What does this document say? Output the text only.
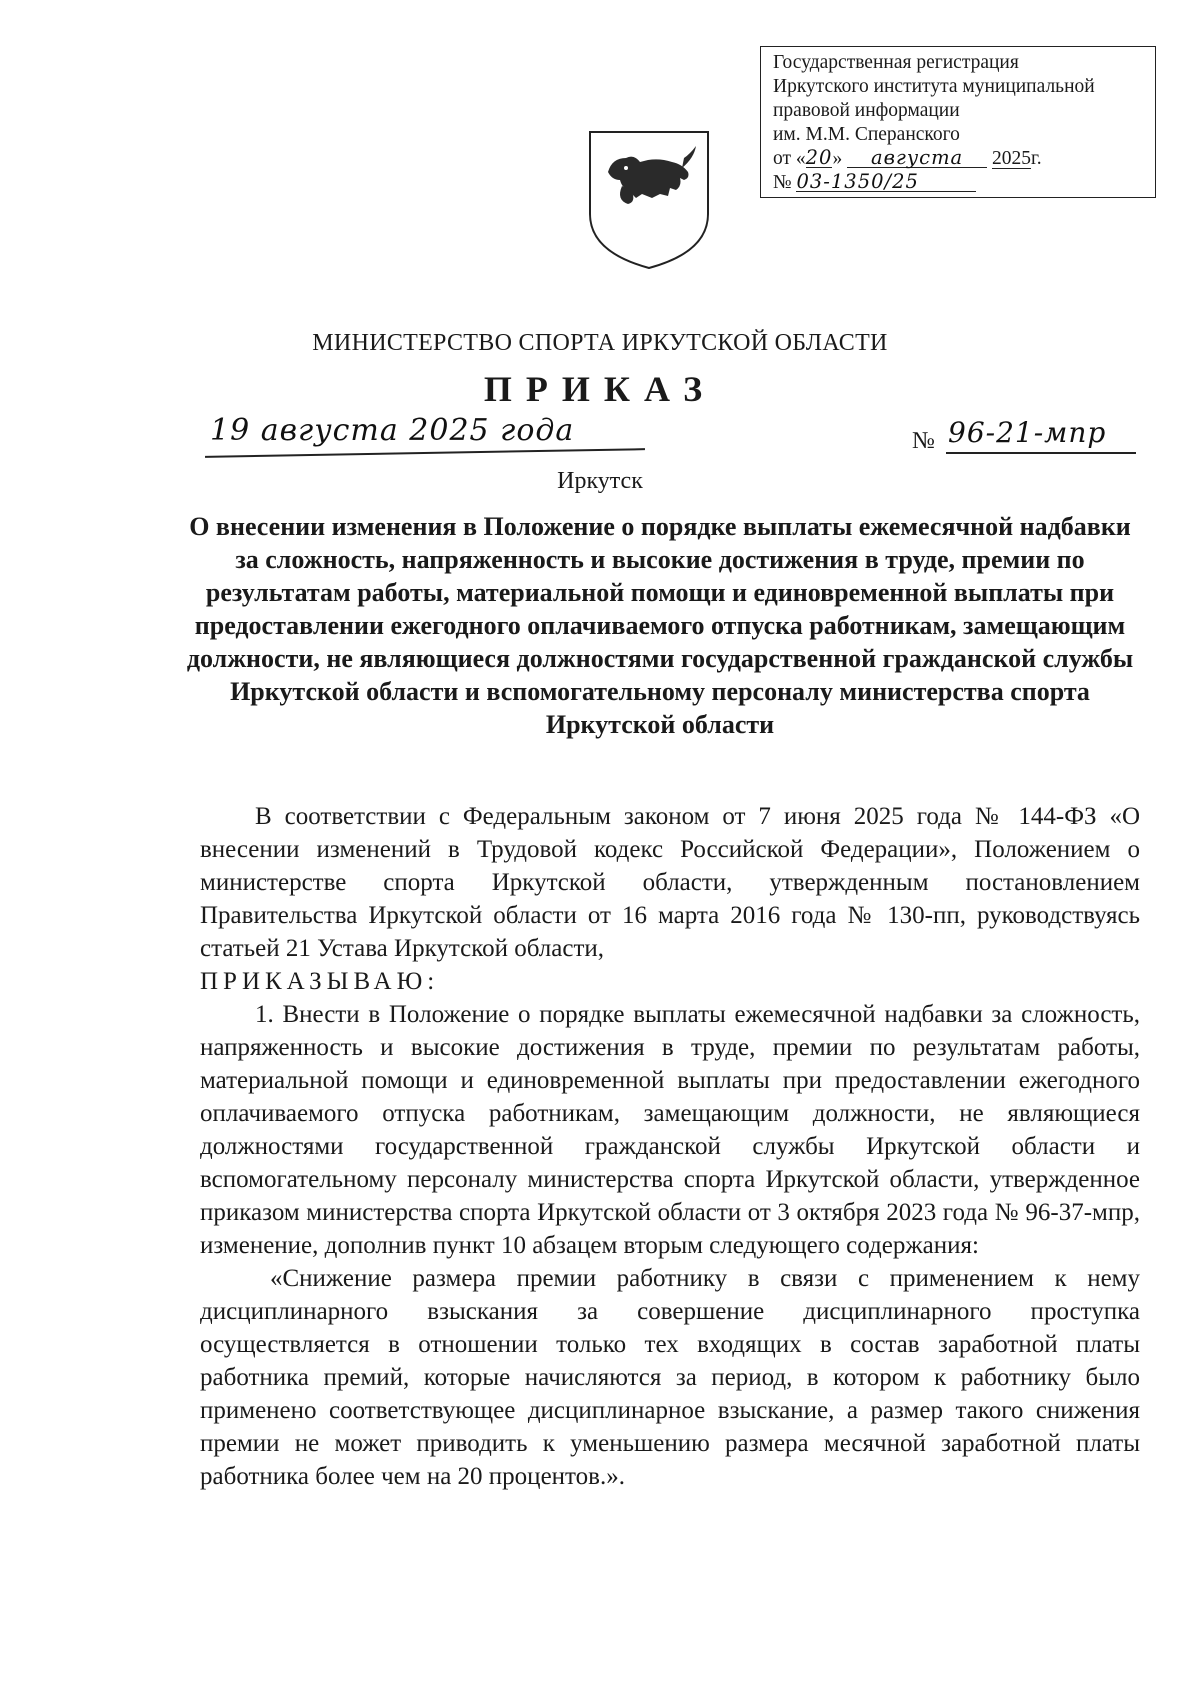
Государственная регистрация
Иркутского института муниципальной
правовой информации
им. М.М. Сперанского
от «20» августа 2025г.
№ 03-1350/25
МИНИСТЕРСТВО СПОРТА ИРКУТСКОЙ ОБЛАСТИ
ПРИКАЗ
19 августа 2025 года	№ 96-21-мпр
Иркутск
О внесении изменения в Положение о порядке выплаты ежемесячной надбавки за сложность, напряженность и высокие достижения в труде, премии по результатам работы, материальной помощи и единовременной выплаты при предоставлении ежегодного оплачиваемого отпуска работникам, замещающим должности, не являющиеся должностями государственной гражданской службы Иркутской области и вспомогательному персоналу министерства спорта Иркутской области

В соответствии с Федеральным законом от 7 июня 2025 года № 144-ФЗ «О внесении изменений в Трудовой кодекс Российской Федерации», Положением о министерстве спорта Иркутской области, утвержденным постановлением Правительства Иркутской области от 16 марта 2016 года № 130-пп, руководствуясь статьей 21 Устава Иркутской области,

ПРИКАЗЫВАЮ:

1. Внести в Положение о порядке выплаты ежемесячной надбавки за сложность, напряженность и высокие достижения в труде, премии по результатам работы, материальной помощи и единовременной выплаты при предоставлении ежегодного оплачиваемого отпуска работникам, замещающим должности, не являющиеся должностями государственной гражданской службы Иркутской области и вспомогательному персоналу министерства спорта Иркутской области, утвержденное приказом министерства спорта Иркутской области от 3 октября 2023 года № 96-37-мпр, изменение, дополнив пункт 10 абзацем вторым следующего содержания:

«Снижение размера премии работнику в связи с применением к нему дисциплинарного взыскания за совершение дисциплинарного проступка осуществляется в отношении только тех входящих в состав заработной платы работника премий, которые начисляются за период, в котором к работнику было применено соответствующее дисциплинарное взыскание, а размер такого снижения премии не может приводить к уменьшению размера месячной заработной платы работника более чем на 20 процентов.».
